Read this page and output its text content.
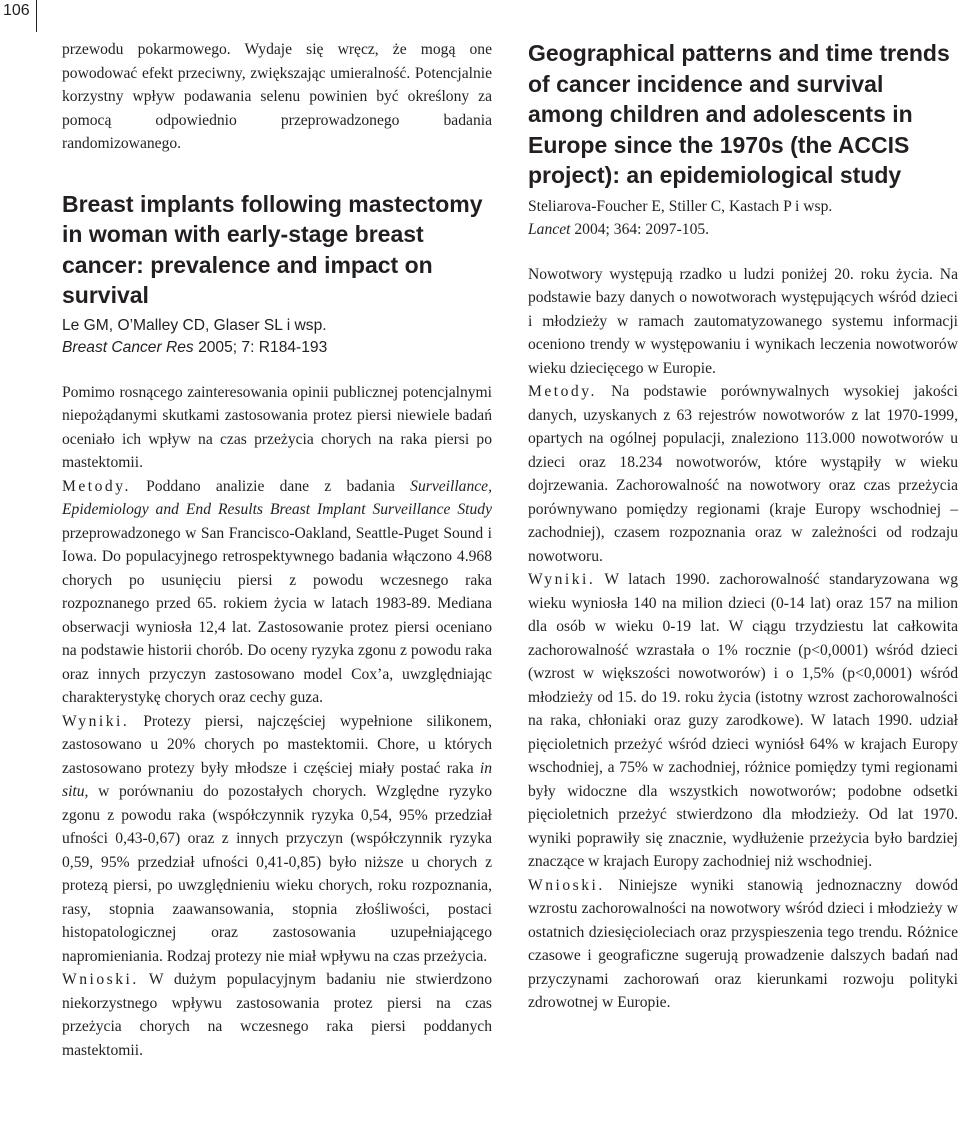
106

przewodu pokarmowego. Wydaje się wręcz, że mogą one powodować efekt przeciwny, zwiększając umieralność. Potencjalnie korzystny wpływ podawania selenu powinien być określony za pomocą odpowiednio przeprowadzonego badania randomizowanego.

Breast implants following mastectomy in woman with early-stage breast cancer: prevalence and impact on survival
Le GM, O’Malley CD, Glaser SL i wsp.
Breast Cancer Res 2005; 7: R184-193

Pomimo rosnącego zainteresowania opinii publicznej potencjalnymi niepożądanymi skutkami zastosowania protez piersi niewiele badań oceniało ich wpływ na czas przeżycia chorych na raka piersi po mastektomii.

Metody. Poddano analizie dane z badania Surveillance, Epidemiology and End Results Breast Implant Surveillance Study przeprowadzonego w San Francisco-Oakland, Seattle-Puget Sound i Iowa. Do populacyjnego retrospektywnego badania włączono 4.968 chorych po usunięciu piersi z powodu wczesnego raka rozpoznanego przed 65. rokiem życia w latach 1983-89. Mediana obserwacji wyniosła 12,4 lat. Zastosowanie protez piersi oceniano na podstawie historii chorób. Do oceny ryzyka zgonu z powodu raka oraz innych przyczyn zastosowano model Cox’a, uwzględniając charakterystykę chorych oraz cechy guza.

Wyniki. Protezy piersi, najczęściej wypełnione silikonem, zastosowano u 20% chorych po mastektomii. Chore, u których zastosowano protezy były młodsze i częściej miały postać raka in situ, w porównaniu do pozostałych chorych. Względne ryzyko zgonu z powodu raka (współczynnik ryzyka 0,54, 95% przedział ufności 0,43-0,67) oraz z innych przyczyn (współczynnik ryzyka 0,59, 95% przedział ufności 0,41-0,85) było niższe u chorych z protezą piersi, po uwzględnieniu wieku chorych, roku rozpoznania, rasy, stopnia zaawansowania, stopnia złośliwości, postaci histopatologicznej oraz zastosowania uzupełniającego napromieniania. Rodzaj protezy nie miał wpływu na czas przeżycia.

Wnioski. W dużym populacyjnym badaniu nie stwierdzono niekorzystnego wpływu zastosowania protez piersi na czas przeżycia chorych na wczesnego raka piersi poddanych mastektomii.

Geographical patterns and time trends of cancer incidence and survival among children and adolescents in Europe since the 1970s (the ACCIS project): an epidemiological study
Steliarova-Foucher E, Stiller C, Kastach P i wsp.
Lancet 2004; 364: 2097-105.

Nowotwory występują rzadko u ludzi poniżej 20. roku życia. Na podstawie bazy danych o nowotworach występujących wśród dzieci i młodzieży w ramach zautomatyzowanego systemu informacji oceniono trendy w występowaniu i wynikach leczenia nowotworów wieku dziecięcego w Europie.

Metody. Na podstawie porównywalnych wysokiej jakości danych, uzyskanych z 63 rejestrów nowotworów z lat 1970-1999, opartych na ogólnej populacji, znaleziono 113.000 nowotworów u dzieci oraz 18.234 nowotworów, które wystąpiły w wieku dojrzewania. Zachorowalność na nowotwory oraz czas przeżycia porównywano pomiędzy regionami (kraje Europy wschodniej – zachodniej), czasem rozpoznania oraz w zależności od rodzaju nowotworu.

Wyniki. W latach 1990. zachorowalność standaryzowana wg wieku wyniosła 140 na milion dzieci (0-14 lat) oraz 157 na milion dla osób w wieku 0-19 lat. W ciągu trzydziestu lat całkowita zachorowalność wzrastała o 1% rocznie (p<0,0001) wśród dzieci (wzrost w większości nowotworów) i o 1,5% (p<0,0001) wśród młodzieży od 15. do 19. roku życia (istotny wzrost zachorowalności na raka, chłoniaki oraz guzy zarodkowe). W latach 1990. udział pięcioletnich przeżyć wśród dzieci wyniósł 64% w krajach Europy wschodniej, a 75% w zachodniej, różnice pomiędzy tymi regionami były widoczne dla wszystkich nowotworów; podobne odsetki pięcioletnich przeżyć stwierdzono dla młodzieży. Od lat 1970. wyniki poprawiły się znacznie, wydłużenie przeżycia było bardziej znaczące w krajach Europy zachodniej niż wschodniej.

Wnioski. Niniejsze wyniki stanowią jednoznaczny dowód wzrostu zachorowalności na nowotwory wśród dzieci i młodzieży w ostatnich dziesięcioleciach oraz przyspieszenia tego trendu. Różnice czasowe i geograficzne sugerują prowadzenie dalszych badań nad przyczynami zachorowań oraz kierunkami rozwoju polityki zdrowotnej w Europie.
